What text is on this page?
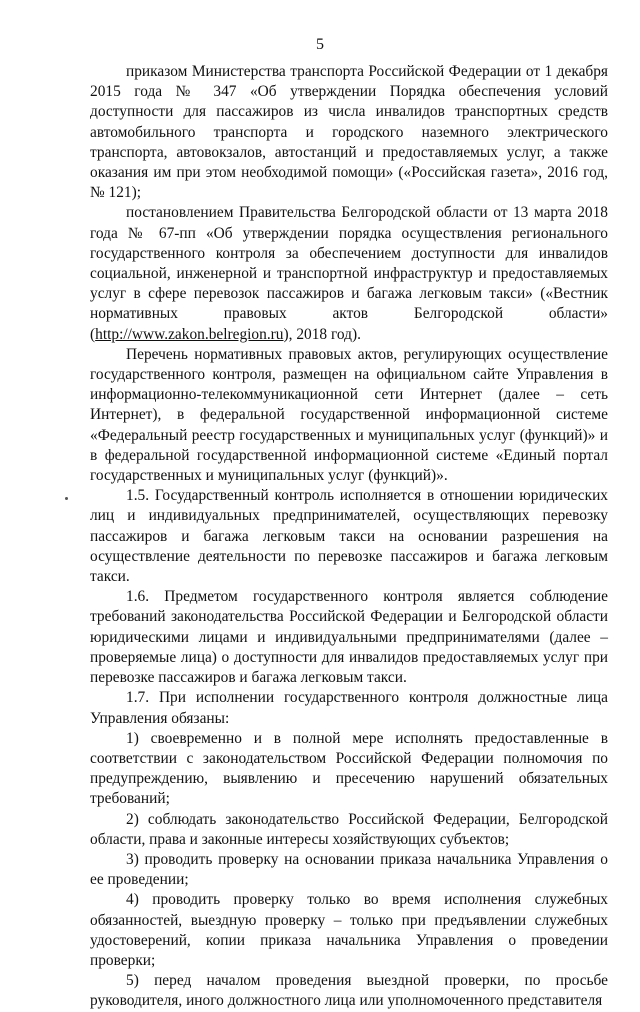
5

приказом Министерства транспорта Российской Федерации от 1 декабря 2015 года № 347 «Об утверждении Порядка обеспечения условий доступности для пассажиров из числа инвалидов транспортных средств автомобильного транспорта и городского наземного электрического транспорта, автовокзалов, автостанций и предоставляемых услуг, а также оказания им при этом необходимой помощи» («Российская газета», 2016 год, № 121);

постановлением Правительства Белгородской области от 13 марта 2018 года № 67-пп «Об утверждении порядка осуществления регионального государственного контроля за обеспечением доступности для инвалидов социальной, инженерной и транспортной инфраструктур и предоставляемых услуг в сфере перевозок пассажиров и багажа легковым такси» («Вестник нормативных правовых актов Белгородской области» (http://www.zakon.belregion.ru), 2018 год).

Перечень нормативных правовых актов, регулирующих осуществление государственного контроля, размещен на официальном сайте Управления в информационно-телекоммуникационной сети Интернет (далее – сеть Интернет), в федеральной государственной информационной системе «Федеральный реестр государственных и муниципальных услуг (функций)» и в федеральной государственной информационной системе «Единый портал государственных и муниципальных услуг (функций)».

1.5. Государственный контроль исполняется в отношении юридических лиц и индивидуальных предпринимателей, осуществляющих перевозку пассажиров и багажа легковым такси на основании разрешения на осуществление деятельности по перевозке пассажиров и багажа легковым такси.

1.6. Предметом государственного контроля является соблюдение требований законодательства Российской Федерации и Белгородской области юридическими лицами и индивидуальными предпринимателями (далее – проверяемые лица) о доступности для инвалидов предоставляемых услуг при перевозке пассажиров и багажа легковым такси.

1.7. При исполнении государственного контроля должностные лица Управления обязаны:

1) своевременно и в полной мере исполнять предоставленные в соответствии с законодательством Российской Федерации полномочия по предупреждению, выявлению и пресечению нарушений обязательных требований;

2) соблюдать законодательство Российской Федерации, Белгородской области, права и законные интересы хозяйствующих субъектов;

3) проводить проверку на основании приказа начальника Управления о ее проведении;

4) проводить проверку только во время исполнения служебных обязанностей, выездную проверку – только при предъявлении служебных удостоверений, копии приказа начальника Управления о проведении проверки;

5) перед началом проведения выездной проверки, по просьбе руководителя, иного должностного лица или уполномоченного представителя
